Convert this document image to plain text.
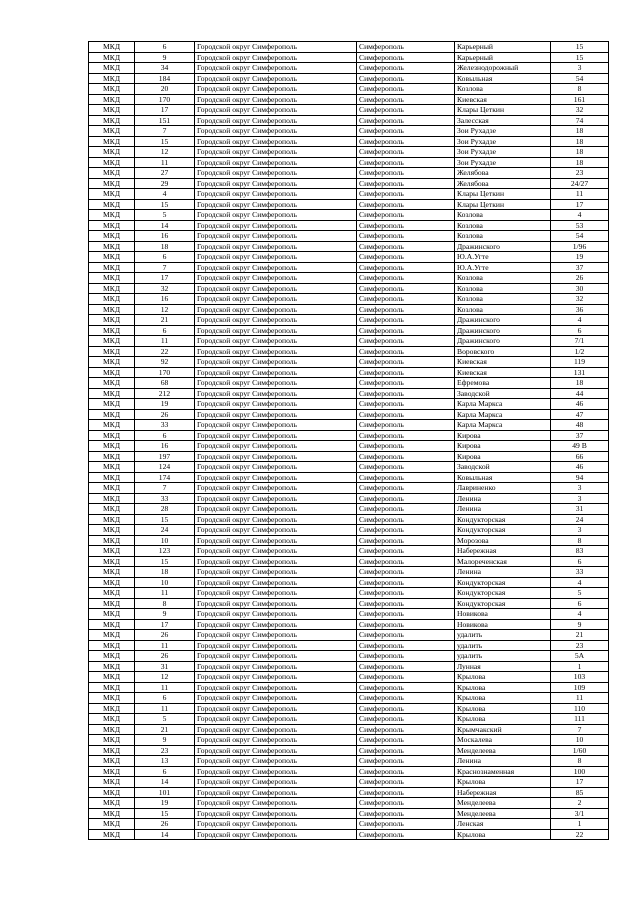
МКД	6	Городской округ Симферополь	Симферополь	Карьерный	15
МКД	9	Городской округ Симферополь	Симферополь	Карьерный	15
МКД	34	Городской округ Симферополь	Симферополь	Железнодорожный	3
МКД	184	Городской округ Симферополь	Симферополь	Ковыльная	54
МКД	20	Городской округ Симферополь	Симферополь	Козлова	8
МКД	170	Городской округ Симферополь	Симферополь	Киевская	161
МКД	17	Городской округ Симферополь	Симферополь	Клары Цеткин	32
МКД	151	Городской округ Симферополь	Симферополь	Залесская	74
МКД	7	Городской округ Симферополь	Симферополь	Зои Рухадзе	18
МКД	15	Городской округ Симферополь	Симферополь	Зои Рухадзе	18
МКД	12	Городской округ Симферополь	Симферополь	Зои Рухадзе	18
МКД	11	Городской округ Симферополь	Симферополь	Зои Рухадзе	18
МКД	27	Городской округ Симферополь	Симферополь	Желябова	23
МКД	29	Городской округ Симферополь	Симферополь	Желябова	24/27
МКД	4	Городской округ Симферополь	Симферополь	Клары Цеткин	11
МКД	15	Городской округ Симферополь	Симферополь	Клары Цеткин	17
МКД	5	Городской округ Симферополь	Симферополь	Козлова	4
МКД	14	Городской округ Симферополь	Симферополь	Козлова	53
МКД	16	Городской округ Симферополь	Симферополь	Козлова	54
МКД	18	Городской округ Симферополь	Симферополь	Дражинского	1/96
МКД	6	Городской округ Симферополь	Симферополь	Ю.А.Угте	19
МКД	7	Городской округ Симферополь	Симферополь	Ю.А.Угте	37
МКД	17	Городской округ Симферополь	Симферополь	Козлова	26
МКД	32	Городской округ Симферополь	Симферополь	Козлова	30
МКД	16	Городской округ Симферополь	Симферополь	Козлова	32
МКД	12	Городской округ Симферополь	Симферополь	Козлова	36
МКД	21	Городской округ Симферополь	Симферополь	Дражинского	4
МКД	6	Городской округ Симферополь	Симферополь	Дражинского	6
МКД	11	Городской округ Симферополь	Симферополь	Дражинского	7/1
МКД	22	Городской округ Симферополь	Симферополь	Воровского	1/2
МКД	92	Городской округ Симферополь	Симферополь	Киевская	119
МКД	170	Городской округ Симферополь	Симферополь	Киевская	131
МКД	68	Городской округ Симферополь	Симферополь	Ефремова	18
МКД	212	Городской округ Симферополь	Симферополь	Заводской	44
МКД	19	Городской округ Симферополь	Симферополь	Карла Маркса	46
МКД	26	Городской округ Симферополь	Симферополь	Карла Маркса	47
МКД	33	Городской округ Симферополь	Симферополь	Карла Маркса	48
МКД	6	Городской округ Симферополь	Симферополь	Кирова	37
МКД	16	Городской округ Симферополь	Симферополь	Кирова	49 В
МКД	197	Городской округ Симферополь	Симферополь	Кирова	66
МКД	124	Городской округ Симферополь	Симферополь	Заводской	46
МКД	174	Городской округ Симферополь	Симферополь	Ковыльная	94
МКД	7	Городской округ Симферополь	Симферополь	Лавриненко	3
МКД	33	Городской округ Симферополь	Симферополь	Ленина	3
МКД	28	Городской округ Симферополь	Симферополь	Ленина	31
МКД	15	Городской округ Симферополь	Симферополь	Кондукторская	24
МКД	24	Городской округ Симферополь	Симферополь	Кондукторская	3
МКД	10	Городской округ Симферополь	Симферополь	Морозова	8
МКД	123	Городской округ Симферополь	Симферополь	Набережная	83
МКД	15	Городской округ Симферополь	Симферополь	Малореченская	6
МКД	18	Городской округ Симферополь	Симферополь	Ленина	33
МКД	10	Городской округ Симферополь	Симферополь	Кондукторская	4
МКД	11	Городской округ Симферополь	Симферополь	Кондукторская	5
МКД	8	Городской округ Симферополь	Симферополь	Кондукторская	6
МКД	9	Городской округ Симферополь	Симферополь	Новикова	4
МКД	17	Городской округ Симферополь	Симферополь	Новикова	9
МКД	26	Городской округ Симферополь	Симферополь	удалить	21
МКД	11	Городской округ Симферополь	Симферополь	удалить	23
МКД	26	Городской округ Симферополь	Симферополь	удалить	5А
МКД	31	Городской округ Симферополь	Симферополь	Лунная	1
МКД	12	Городской округ Симферополь	Симферополь	Крылова	103
МКД	11	Городской округ Симферополь	Симферополь	Крылова	109
МКД	6	Городской округ Симферополь	Симферополь	Крылова	11
МКД	11	Городской округ Симферополь	Симферополь	Крылова	110
МКД	5	Городской округ Симферополь	Симферополь	Крылова	111
МКД	21	Городской округ Симферополь	Симферополь	Крымчакский	7
МКД	9	Городской округ Симферополь	Симферополь	Москалева	10
МКД	23	Городской округ Симферополь	Симферополь	Менделеева	1/60
МКД	13	Городской округ Симферополь	Симферополь	Ленина	8
МКД	6	Городской округ Симферополь	Симферополь	Краснознаменная	100
МКД	14	Городской округ Симферополь	Симферополь	Крылова	17
МКД	101	Городской округ Симферополь	Симферополь	Набережная	85
МКД	19	Городской округ Симферополь	Симферополь	Менделеева	2
МКД	15	Городской округ Симферополь	Симферополь	Менделеева	3/1
МКД	26	Городской округ Симферополь	Симферополь	Ленская	1
МКД	14	Городской округ Симферополь	Симферополь	Крылова	22
